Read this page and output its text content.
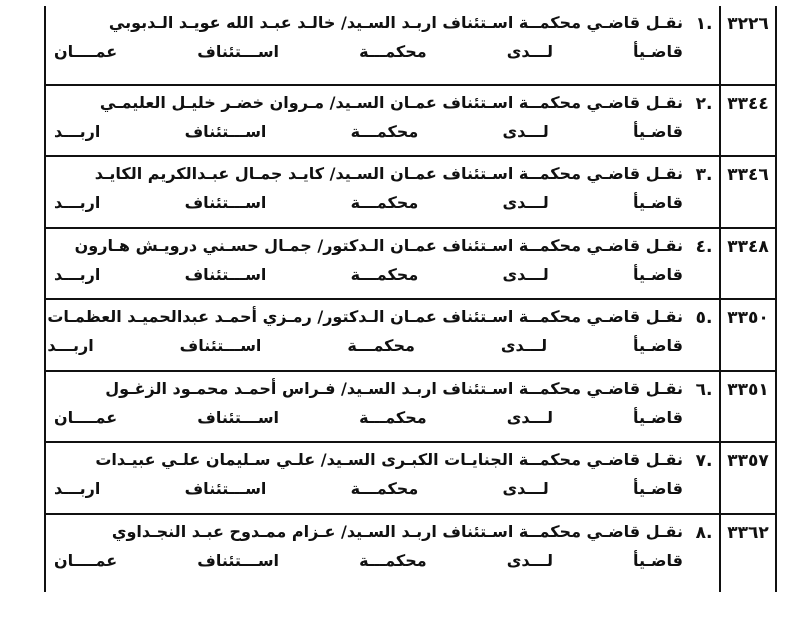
٣٢٢٦
.١
نقـل قاضـي محكمــة اسـتئناف اربـد السـيد/ خالـد عبـد الله عويـد الـدبوبي
قاضـيأ لـــدى محكمـــة اســـتئناف عمــــان
٣٣٤٤
.٢
نقـل قاضـي محكمــة اسـتئناف عمـان السـيد/ مـروان خضـر خليـل العليمـي
قاضـيأ لـــدى محكمـــة اســـتئناف اربـــد
٣٣٤٦
.٣
نقـل قاضـي محكمــة اسـتئناف عمـان السـيد/ كايـد جمـال عبـدالكريم الكايـد
قاضـيأ لـــدى محكمـــة اســـتئناف اربـــد
٣٣٤٨
.٤
نقـل قاضـي محكمــة اسـتئناف عمـان الـدكتور/ جمـال حسـني درويـش هـارون
قاضـيأ لـــدى محكمـــة اســـتئناف اربـــد
٣٣٥٠
.٥
نقـل قاضـي محكمــة اسـتئناف عمـان الـدكتور/ رمـزي أحمـد عبدالحميـد العظمـات
قاضـيأ لـــدى محكمـــة اســـتئناف اربـــد
٣٣٥١
.٦
نقـل قاضـي محكمــة اسـتئناف اربـد السـيد/ فـراس أحمـد محمـود الزغـول
قاضـيأ لـــدى محكمـــة اســـتئناف عمــــان
٣٣٥٧
.٧
نقـل قاضـي محكمــة الجنايـات الكبـرى السـيد/ علـي سـليمان علـي عبيـدات
قاضـيأ لـــدى محكمـــة اســـتئناف اربـــد
٣٣٦٢
.٨
نقـل قاضـي محكمــة اسـتئناف اربـد السـيد/ عـزام ممـدوح عبـد النجـداوي
قاضـيأ لـــدى محكمـــة اســـتئناف عمــــان
